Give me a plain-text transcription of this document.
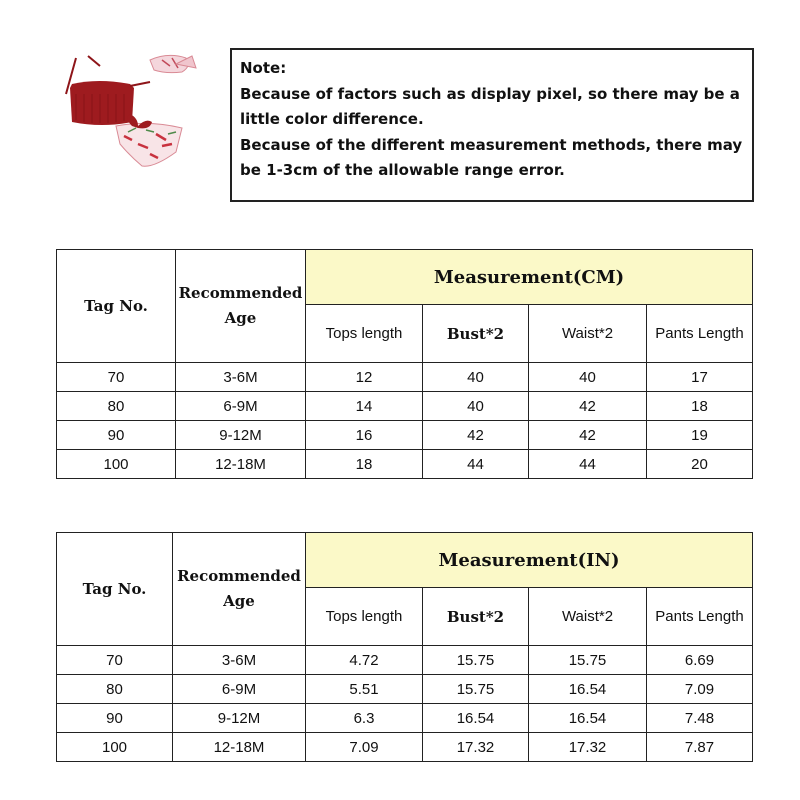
Note:

Because of factors such as display pixel, so there may be a little color difference.

Because of the different measurement methods, there may be 1-3cm of the allowable range error.

Tag No.	Recommended Age	Measurement(CM)			
		Tops length	Bust*2	Waist*2	Pants Length
70	3-6M	12	40	40	17
80	6-9M	14	40	42	18
90	9-12M	16	42	42	19
100	12-18M	18	44	44	20
Tag No.	Recommended Age	Measurement(IN)			
		Tops length	Bust*2	Waist*2	Pants Length
70	3-6M	4.72	15.75	15.75	6.69
80	6-9M	5.51	15.75	16.54	7.09
90	9-12M	6.3	16.54	16.54	7.48
100	12-18M	7.09	17.32	17.32	7.87
